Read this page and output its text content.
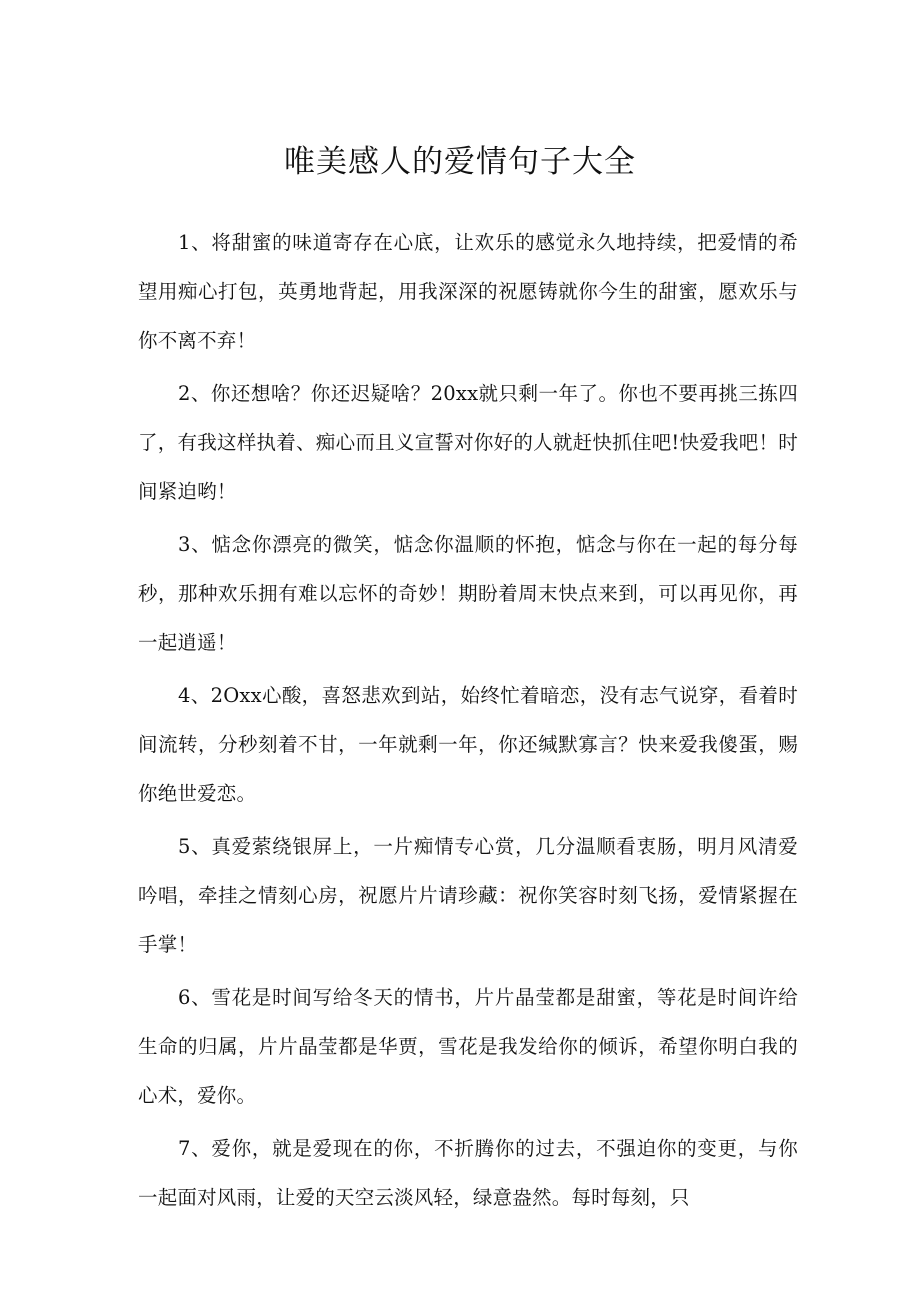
唯美感人的爱情句子大全

1、将甜蜜的味道寄存在心底，让欢乐的感觉永久地持续，把爱情的希望用痴心打包，英勇地背起，用我深深的祝愿铸就你今生的甜蜜，愿欢乐与你不离不弃！

2、你还想啥？你还迟疑啥？20xx就只剩一年了。你也不要再挑三拣四了，有我这样执着、痴心而且义宣誓对你好的人就赶快抓住吧!快爱我吧！时间紧迫哟！

3、惦念你漂亮的微笑，惦念你温顺的怀抱，惦念与你在一起的每分每秒，那种欢乐拥有难以忘怀的奇妙！期盼着周末快点来到，可以再见你，再一起逍遥！

4、2Oxx心酸，喜怒悲欢到站，始终忙着暗恋，没有志气说穿，看着时间流转，分秒刻着不甘，一年就剩一年，你还缄默寡言？快来爱我傻蛋，赐你绝世爱恋。

5、真爱萦绕银屏上，一片痴情专心赏，几分温顺看衷肠，明月风清爱吟唱，牵挂之情刻心房，祝愿片片请珍藏：祝你笑容时刻飞扬，爱情紧握在手掌！

6、雪花是时间写给冬天的情书，片片晶莹都是甜蜜，等花是时间许给生命的归属，片片晶莹都是华贾，雪花是我发给你的倾诉，希望你明白我的心术，爱你。

7、爱你，就是爱现在的你，不折腾你的过去，不强迫你的变更，与你一起面对风雨，让爱的天空云淡风轻，绿意盎然。每时每刻，只
